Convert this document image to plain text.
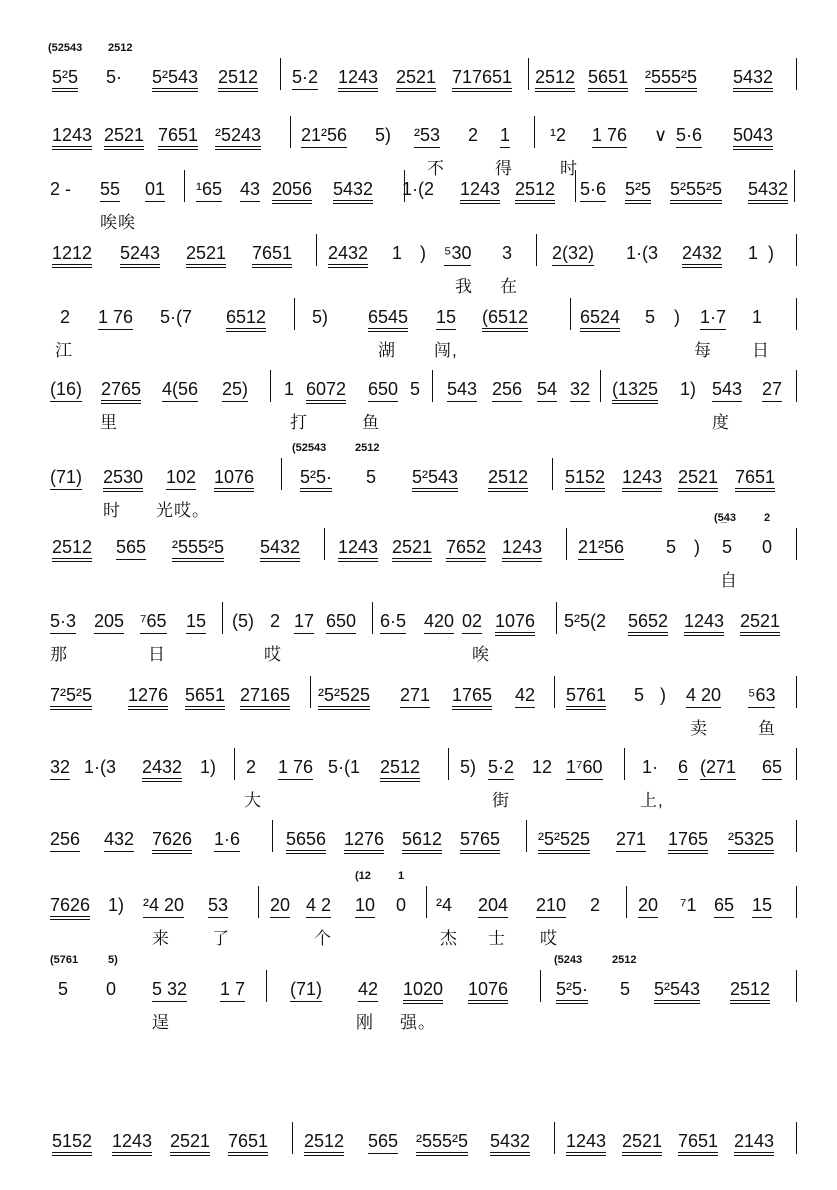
(52543 2512
5²5 5· 5²543 2512 5·2 1243 2521 717651 2512 5651 ²555²5 5432
1243 2521 7651 ²5243 21²56 5) ²53 2 1 ¹2 1 76 ∨ 5·6 5043
不	得	时
2 - 55 01 ¹65 43 2056 5432 1·(2 1243 2512 5·6 5²5 5²55²5 5432
唉唉
1212 5243 2521 7651 2432 1 ) ⁵30 3 2(32) 1·(3 2432 1 )
我 在
2 1 76 5·(7 6512	5) 6545 15 (6512	6524 5 ) 1·7 1
江	湖 闯,	每 日
(16) 2765 4(56 25) 1 6072 650 5 543 256 54 32 (1325 1) 543 27
里	打	鱼	度
(52543	2512
(71) 2530 102 1076	5²5· 5 5²543 2512 5152 1243 2521 7651
时 光哎。	(5̲43	2
2512 565 ²555²5 5432 1243 2521 7652 1243 21²56 5 ) 5 0
自
5·3 205 ⁷65 15 (5) 2 17 650 6·5 420 02 1076 5²5(2 5652 1243 2521
那	日	哎	唉
7²5²5 1276 5651 27165 ²5²525 271 1765 42 5761 5 ) 4 20 ⁵63
卖	鱼
32 1·(3 2432 1) 2 1 76 5·(1 2512 5) 5·2 12 1⁷60 1· 6 (271 65
大	街	上,
256 432 7626 1·6	5656 1276 5612 5765 ²5²525 271 1765 ²5325
(12 1
7626 1) ²4 20 53 20 4 2 10 0 ²4 204 210 2 20 ⁷1 65 15
来 了	个	杰 士 哎
(5761	5)	(5243	2512
5 0 5 32 1 7 (71) 42 1020 1076	5²5· 5 5²543 2512
逞	刚 强。
5152 1243 2521 7651 2512 565 ²555²5 5432 1243 2521 7651 2143
